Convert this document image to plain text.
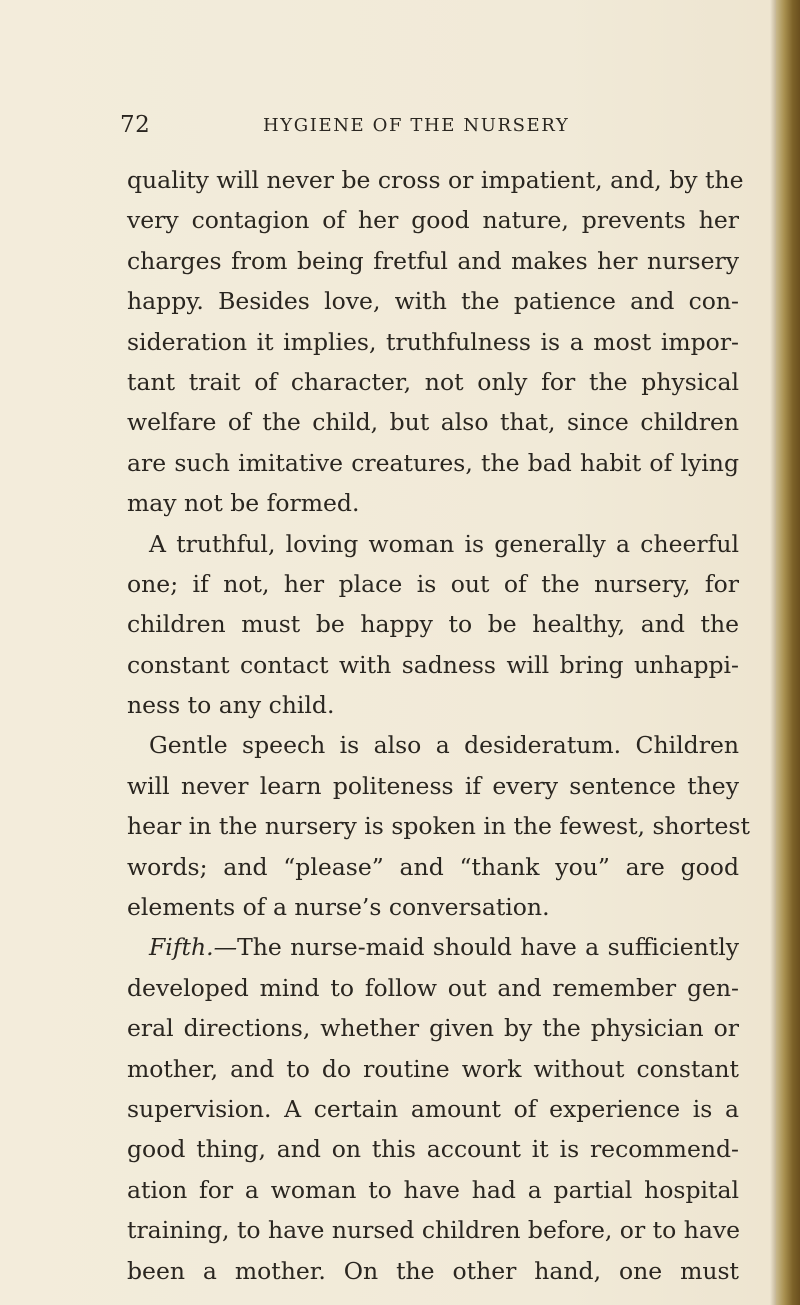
72	HYGIENE OF THE NURSERY
quality will never be cross or impatient, and, by the
very contagion of her good nature, prevents her
charges from being fretful and makes her nursery
happy. Besides love, with the patience and con-
sideration it implies, truthfulness is a most impor-
tant trait of character, not only for the physical
welfare of the child, but also that, since children
are such imitative creatures, the bad habit of lying
may not be formed.
A truthful, loving woman is generally a cheerful
one; if not, her place is out of the nursery, for
children must be happy to be healthy, and the
constant contact with sadness will bring unhappi-
ness to any child.
Gentle speech is also a desideratum. Children
will never learn politeness if every sentence they
hear in the nursery is spoken in the fewest, shortest
words; and “please” and “thank you” are good
elements of a nurse’s conversation.
Fifth.—The nurse-maid should have a sufficiently
developed mind to follow out and remember gen-
eral directions, whether given by the physician or
mother, and to do routine work without constant
supervision. A certain amount of experience is a
good thing, and on this account it is recommend-
ation for a woman to have had a partial hospital
training, to have nursed children before, or to have
been a mother. On the other hand, one must
